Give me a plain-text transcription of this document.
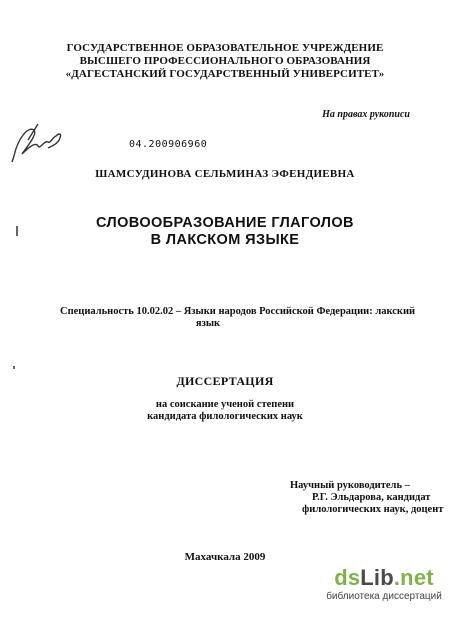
ГОСУДАРСТВЕННОЕ ОБРАЗОВАТЕЛЬНОЕ УЧРЕЖДЕНИЕ
ВЫСШЕГО ПРОФЕССИОНАЛЬНОГО ОБРАЗОВАНИЯ
«ДАГЕСТАНСКИЙ ГОСУДАРСТВЕННЫЙ УНИВЕРСИТЕТ»
На правах рукописи
04.200906960
ШАМСУДИНОВА СЕЛЬМИНАЗ ЭФЕНДИЕВНА
СЛОВООБРАЗОВАНИЕ ГЛАГОЛОВ
В ЛАКСКОМ ЯЗЫКЕ
Специальность 10.02.02 – Языки народов Российской Федерации: лакский
язык
ДИССЕРТАЦИЯ
на соискание ученой степени
кандидата филологических наук
Научный руководитель –
Р.Г. Эльдарова, кандидат
филологических наук, доцент
Махачкала 2009
dsLib.net
библиотека диссертаций
